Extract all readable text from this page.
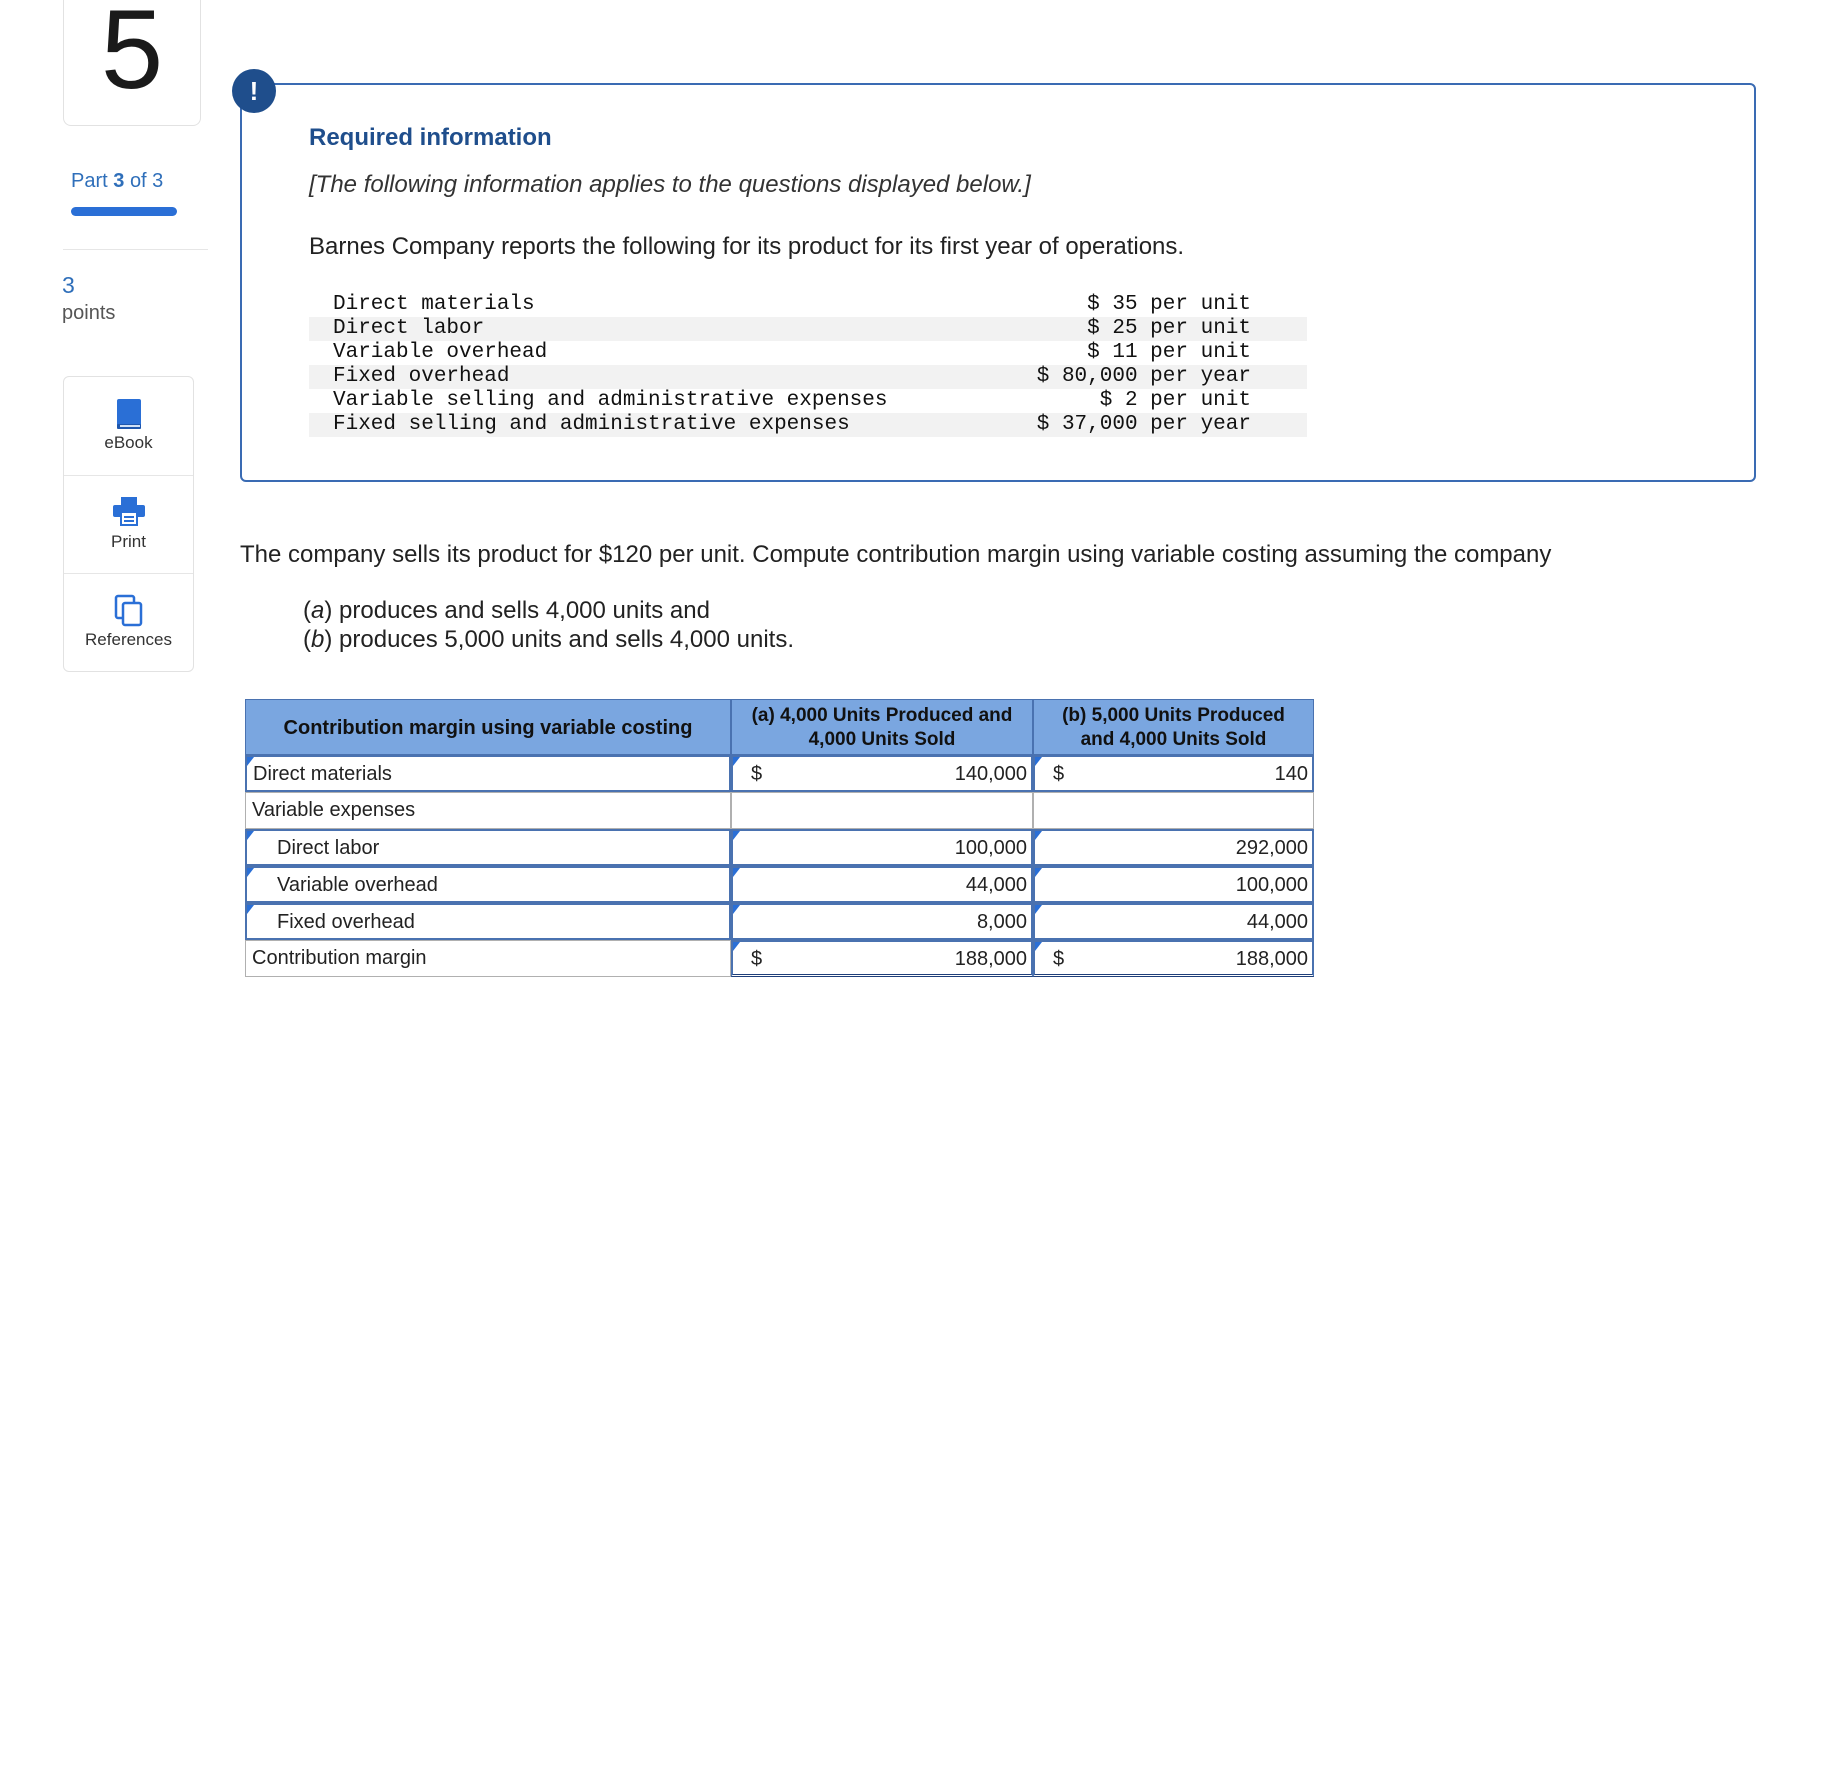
5
Part 3 of 3
3
points
eBook
Print
References
!
Required information
[The following information applies to the questions displayed below.]
Barnes Company reports the following for its product for its first year of operations.
Direct materials	$ 35 per unit
Direct labor	$ 25 per unit
Variable overhead	$ 11 per unit
Fixed overhead	$ 80,000 per year
Variable selling and administrative expenses	$ 2 per unit
Fixed selling and administrative expenses	$ 37,000 per year
The company sells its product for $120 per unit. Compute contribution margin using variable costing assuming the company
(a) produces and sells 4,000 units and
(b) produces 5,000 units and sells 4,000 units.
Contribution margin using variable costing
(a) 4,000 Units Produced and
4,000 Units Sold
(b) 5,000 Units Produced
and 4,000 Units Sold
Direct materials	$	140,000	$	140
Variable expenses
Direct labor	100,000	292,000
Variable overhead	44,000	100,000
Fixed overhead	8,000	44,000
Contribution margin	$	188,000	$	188,000
